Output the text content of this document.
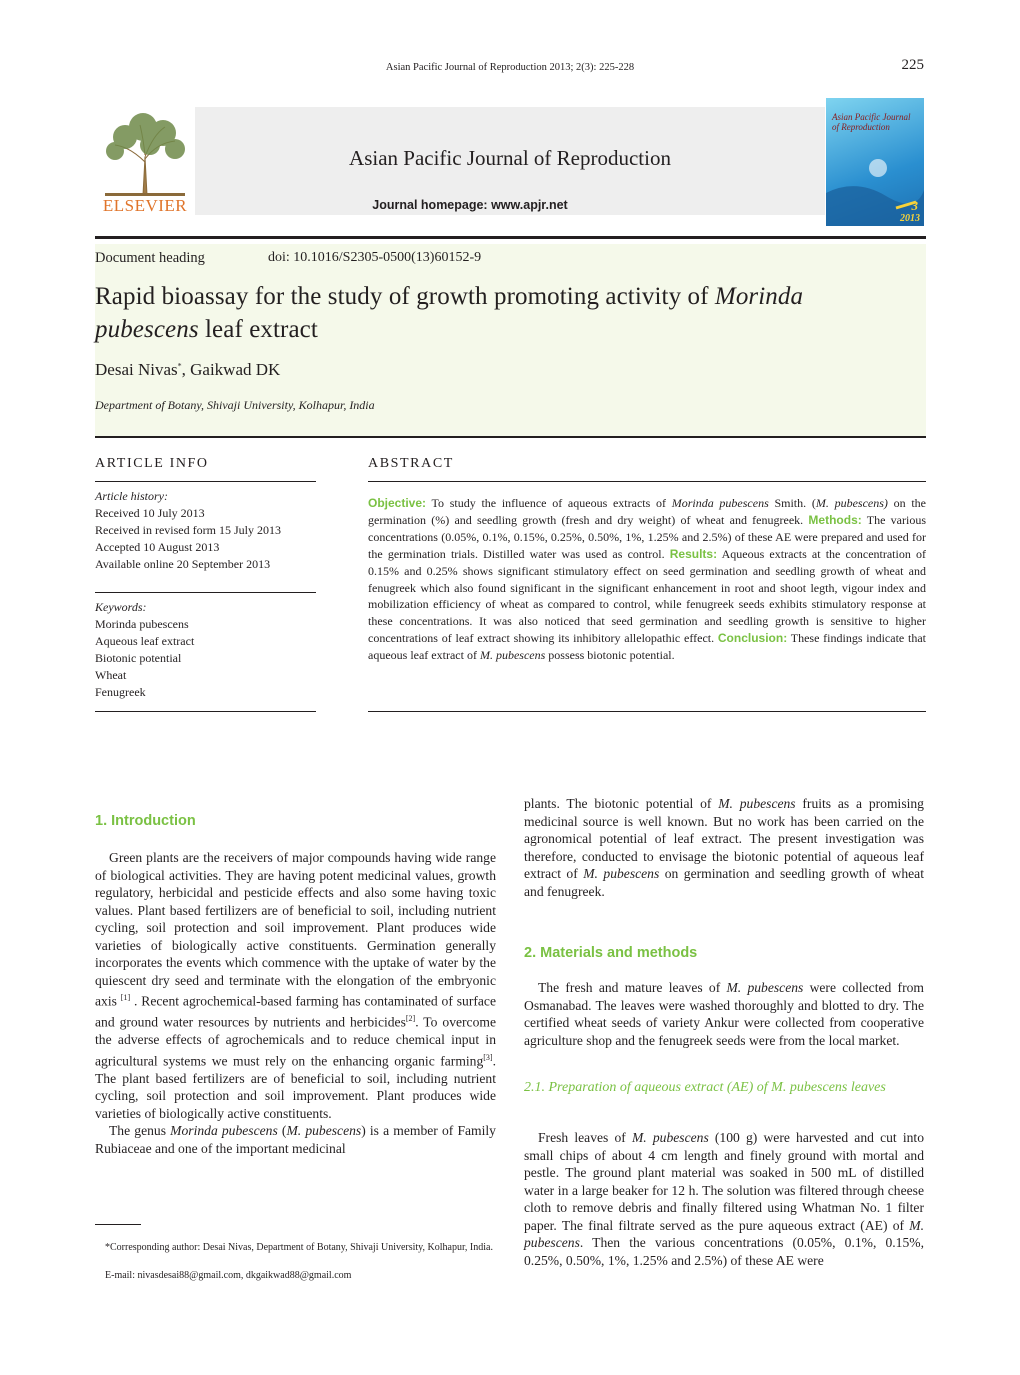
Asian Pacific Journal of Reproduction 2013; 2(3): 225-228	225
ELSEVIER
Asian Pacific Journal of Reproduction
Journal homepage: www.apjr.net
Asian Pacific Journal of Reproduction
3
2013
Document heading	doi: 10.1016/S2305-0500(13)60152-9
Rapid bioassay for the study of growth promoting activity of Morinda
pubescens leaf extract
Desai Nivas*, Gaikwad DK
Department of Botany, Shivaji University, Kolhapur, India
ARTICLE INFO
Article history:
Received 10 July 2013
Received in revised form 15 July 2013
Accepted 10 August 2013
Available online 20 September 2013
Keywords:
Morinda pubescens
Aqueous leaf extract
Biotonic potential
Wheat
Fenugreek
ABSTRACT
Objective: To study the influence of aqueous extracts of Morinda pubescens Smith. (M. pubescens) on the germination (%) and seedling growth (fresh and dry weight) of wheat and fenugreek. Methods: The various concentrations (0.05%, 0.1%, 0.15%, 0.25%, 0.50%, 1%, 1.25% and 2.5%) of these AE were prepared and used for the germination trials. Distilled water was used as control. Results: Aqueous extracts at the concentration of 0.15% and 0.25% shows significant stimulatory effect on seed germination and seedling growth of wheat and fenugreek which also found significant in the significant enhancement in root and shoot legth, vigour index and mobilization efficiency of wheat as compared to control, while fenugreek seeds exhibits stimulatory response at these concentrations. It was also noticed that seed germination and seedling growth is sensitive to higher concentrations of leaf extract showing its inhibitory allelopathic effect. Conclusion: These findings indicate that aqueous leaf extract of M. pubescens possess biotonic potential.
1. Introduction

Green plants are the receivers of major compounds having wide range of biological activities. They are having potent medicinal values, growth regulatory, herbicidal and pesticide effects and also some having toxic values. Plant based fertilizers are of beneficial to soil, including nutrient cycling, soil protection and soil improvement. Plant produces wide varieties of biologically active constituents. Germination generally incorporates the events which commence with the uptake of water by the quiescent dry seed and terminate with the elongation of the embryonic axis [1] . Recent agrochemical-based farming has contaminated of surface and ground water resources by nutrients and herbicides[2]. To overcome the adverse effects of agrochemicals and to reduce chemical input in agricultural systems we must rely on the enhancing organic farming[3]. The plant based fertilizers are of beneficial to soil, including nutrient cycling, soil protection and soil improvement. Plant produces wide varieties of biologically active constituents.

The genus Morinda pubescens (M. pubescens) is a member of Family Rubiaceae and one of the important medicinal

*Corresponding author: Desai Nivas, Department of Botany, Shivaji University, Kolhapur, India.
E-mail: nivasdesai88@gmail.com, dkgaikwad88@gmail.com

plants. The biotonic potential of M. pubescens fruits as a promising medicinal source is well known. But no work has been carried on the agronomical potential of leaf extract. The present investigation was therefore, conducted to envisage the biotonic potential of aqueous leaf extract of M. pubescens on germination and seedling growth of wheat and fenugreek.

2. Materials and methods

The fresh and mature leaves of M. pubescens were collected from Osmanabad. The leaves were washed thoroughly and blotted to dry. The certified wheat seeds of variety Ankur were collected from cooperative agriculture shop and the fenugreek seeds were from the local market.

2.1. Preparation of aqueous extract (AE) of M. pubescens leaves

Fresh leaves of M. pubescens (100 g) were harvested and cut into small chips of about 4 cm length and finely ground with mortal and pestle. The ground plant material was soaked in 500 mL of distilled water in a large beaker for 12 h. The solution was filtered through cheese cloth to remove debris and finally filtered using Whatman No. 1 filter paper. The final filtrate served as the pure aqueous extract (AE) of M. pubescens. Then the various concentrations (0.05%, 0.1%, 0.15%, 0.25%, 0.50%, 1%, 1.25% and 2.5%) of these AE were
